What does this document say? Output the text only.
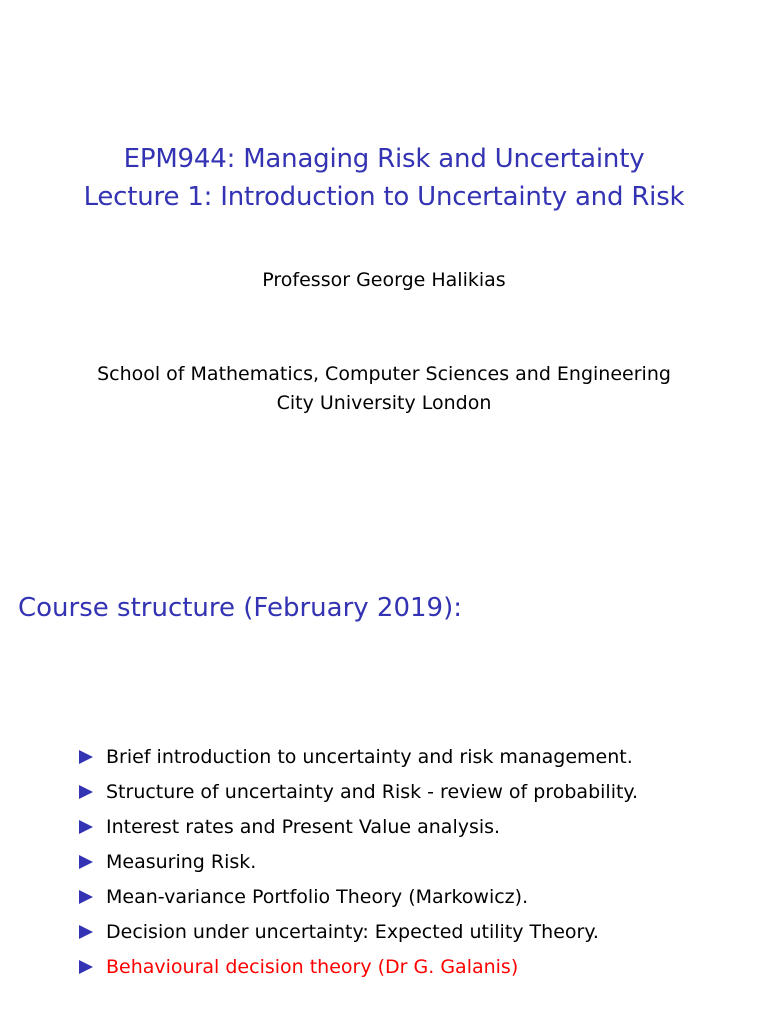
EPM944: Managing Risk and Uncertainty
Lecture 1: Introduction to Uncertainty and Risk
Professor George Halikias
School of Mathematics, Computer Sciences and Engineering
City University London
Course structure (February 2019):
Brief introduction to uncertainty and risk management.
Structure of uncertainty and Risk - review of probability.
Interest rates and Present Value analysis.
Measuring Risk.
Mean-variance Portfolio Theory (Markowicz).
Decision under uncertainty: Expected utility Theory.
Behavioural decision theory (Dr G. Galanis)
